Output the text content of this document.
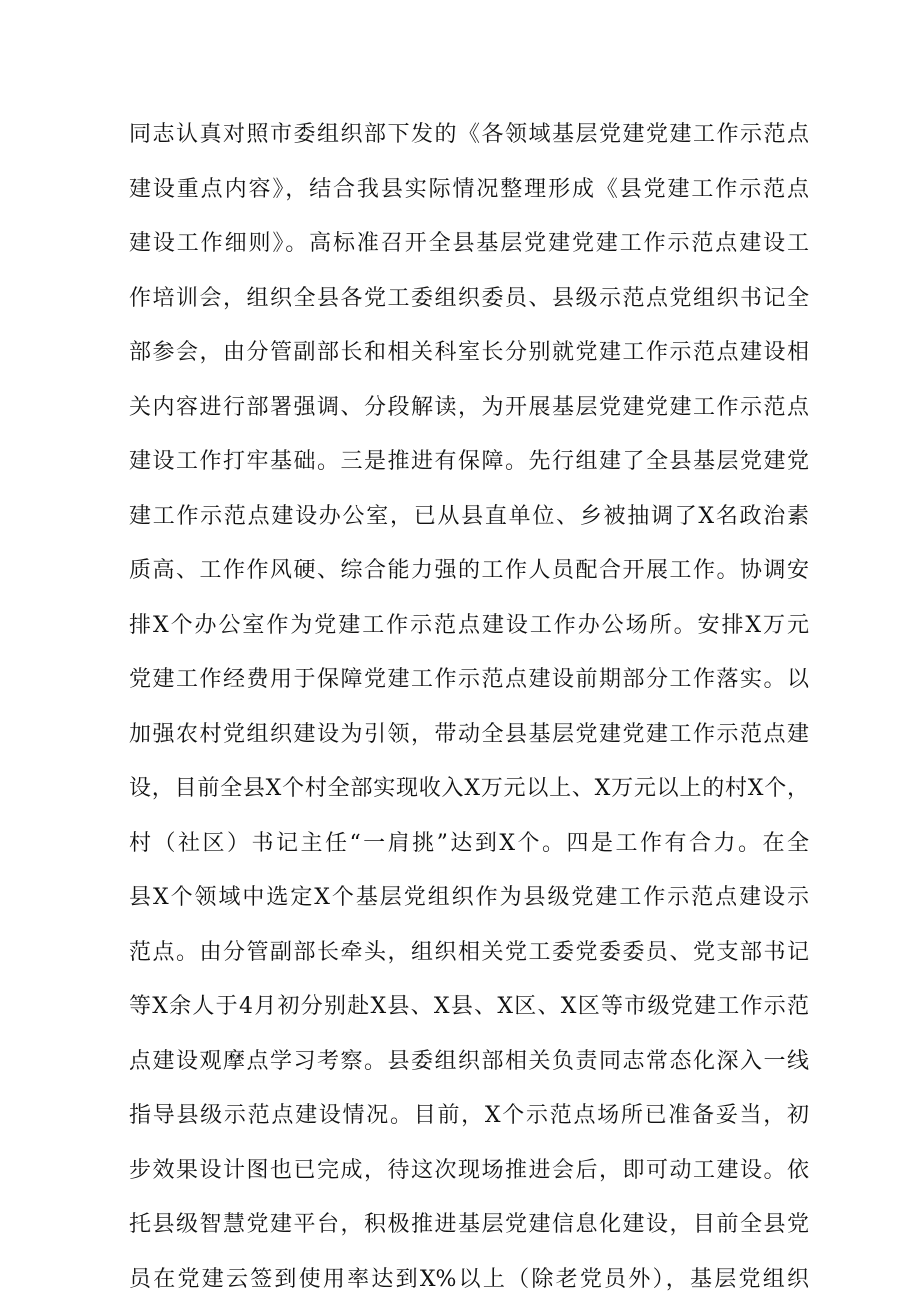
同志认真对照市委组织部下发的《各领域基层党建党建工作示范点
建设重点内容》，结合我县实际情况整理形成《县党建工作示范点
建设工作细则》。高标准召开全县基层党建党建工作示范点建设工
作培训会，组织全县各党工委组织委员、县级示范点党组织书记全
部参会，由分管副部长和相关科室长分别就党建工作示范点建设相
关内容进行部署强调、分段解读，为开展基层党建党建工作示范点
建设工作打牢基础。三是推进有保障。先行组建了全县基层党建党
建工作示范点建设办公室，已从县直单位、乡被抽调了X名政治素
质高、工作作风硬、综合能力强的工作人员配合开展工作。协调安
排X个办公室作为党建工作示范点建设工作办公场所。安排X万元
党建工作经费用于保障党建工作示范点建设前期部分工作落实。以
加强农村党组织建设为引领，带动全县基层党建党建工作示范点建
设，目前全县X个村全部实现收入X万元以上、X万元以上的村X个，
村（社区）书记主任“一肩挑”达到X个。四是工作有合力。在全
县X个领域中选定X个基层党组织作为县级党建工作示范点建设示
范点。由分管副部长牵头，组织相关党工委党委委员、党支部书记
等X余人于4月初分别赴X县、X县、X区、X区等市级党建工作示范
点建设观摩点学习考察。县委组织部相关负责同志常态化深入一线
指导县级示范点建设情况。目前，X个示范点场所已准备妥当，初
步效果设计图也已完成，待这次现场推进会后，即可动工建设。依
托县级智慧党建平台，积极推进基层党建信息化建设，目前全县党
员在党建云签到使用率达到X%以上（除老党员外），基层党组织
